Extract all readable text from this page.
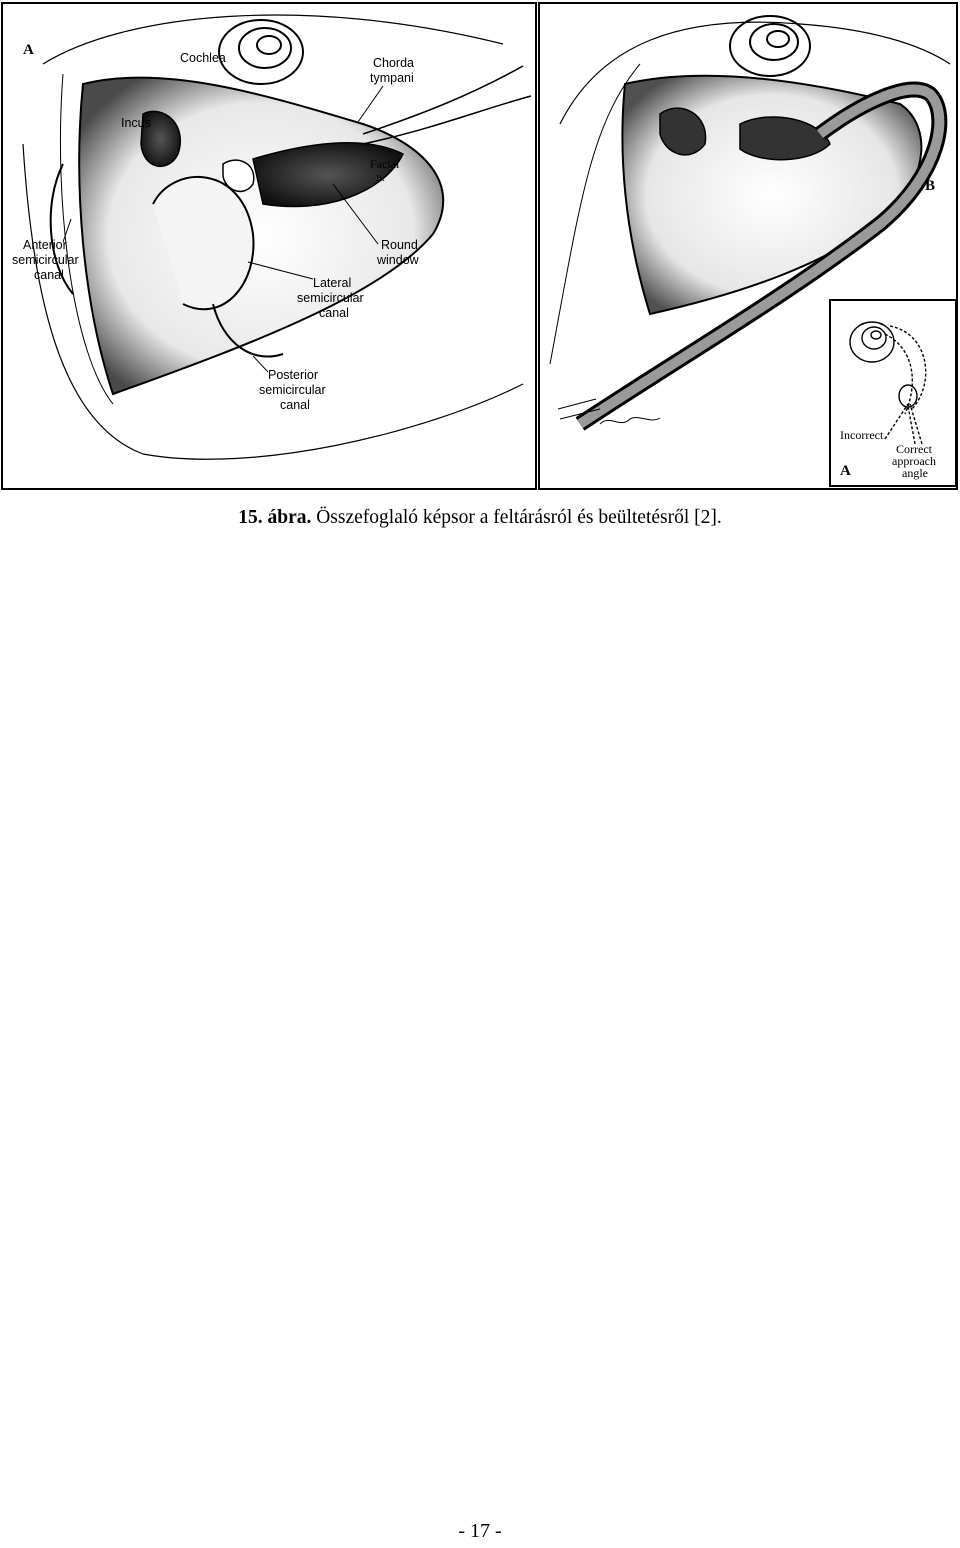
A	Cochlea	Chorda
tympani
Incus
Facial
n.
Anterior
semicircular
canal
Round
window
Lateral
semicircular
canal
Posterior
semicircular
canal
B
Incorrect
Correct
approach
angle
A
15. ábra. Összefoglaló képsor a feltárásról és beültetésről [2].
- 17 -
